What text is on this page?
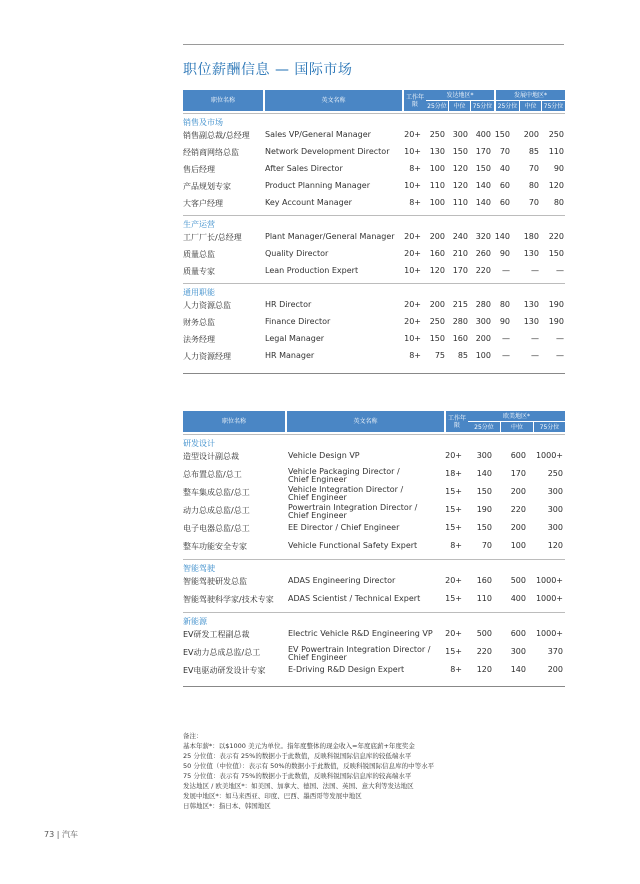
职位薪酬信息 — 国际市场
职位名称	英文名称	工作年限
发达地区*	发展中地区*
25分位	中位	75分位 25分位	中位	75分位
销售及市场
销售副总裁/总经理 Sales VP/General Manager	20+ 250 300 400 150 200 250
经销商网络总监	Network Development Director 10+ 130 150 170 70 85 110
售后经理	After Sales Director	8+ 100 120 150 40 70 90
产品规划专家	Product Planning Manager	10+ 110 120 140 60 80 120
大客户经理	Key Account Manager	8+ 100 110 140 60 70 80
生产运营
工厂厂长/总经理	Plant Manager/General Manager 20+ 200 240 320 140 180 220
质量总监	Quality Director	20+ 160 210 260 90 130 150
质量专家	Lean Production Expert	10+ 120 170 220 —	— —
通用职能
人力资源总监	HR Director	20+ 200 215 280 80 130 190
财务总监	Finance Director	20+ 250 280 300 90 130 190
法务经理	Legal Manager	10+ 150 160 200 —	— —
人力资源经理	HR Manager	8+ 75 85 100 —	— —
职位名称	英文名称	工作年限
欧美地区*
25分位	中位	75分位
研发设计
造型设计副总裁	Vehicle Design VP	20+ 300 600 1000+
总布置总监/总工	Vehicle Packaging Director /
Chief Engineer
18+ 140 170	250
整车集成总监/总工	Vehicle Integration Director /
Chief Engineer
15+ 150 200	300
动力总成总监/总工	Powertrain Integration Director /
Chief Engineer
15+ 190 220	300
电子电器总监/总工	EE Director / Chief Engineer	15+ 150 200	300
整车功能安全专家	Vehicle Functional Safety Expert	8+ 70 100	120
智能驾驶
智能驾驶研发总监	ADAS Engineering Director	20+ 160 500 1000+
智能驾驶科学家/技术专家 ADAS Scientist / Technical Expert	15+ 110 400 1000+
新能源
EV研发工程副总裁	Electric Vehicle R&D Engineering VP 20+ 500 600 1000+
EV动力总成总监/总工	EV Powertrain Integration Director /
Chief Engineer
15+ 220 300	370
EV电驱动研发设计专家	E-Driving R&D Design Expert	8+ 120 140	200
备注：
基本年薪*：以$1000 美元为单位。指年度整体的现金收入=年度底薪+年度奖金
25 分位值：表示有 25%的数据小于此数值，反映科锐国际信息库的较低端水平
50 分位值（中位值）：表示有 50%的数据小于此数值，反映科锐国际信息库的中等水平
75 分位值：表示有 75%的数据小于此数值，反映科锐国际信息库的较高端水平
发达地区 / 欧美地区*：如美国、加拿大、德国、法国、英国、意大利等发达地区
发展中地区*：如马来西亚、印度、巴西、墨西哥等发展中地区
日韩地区*：指日本、韩国地区
73 | 汽车
